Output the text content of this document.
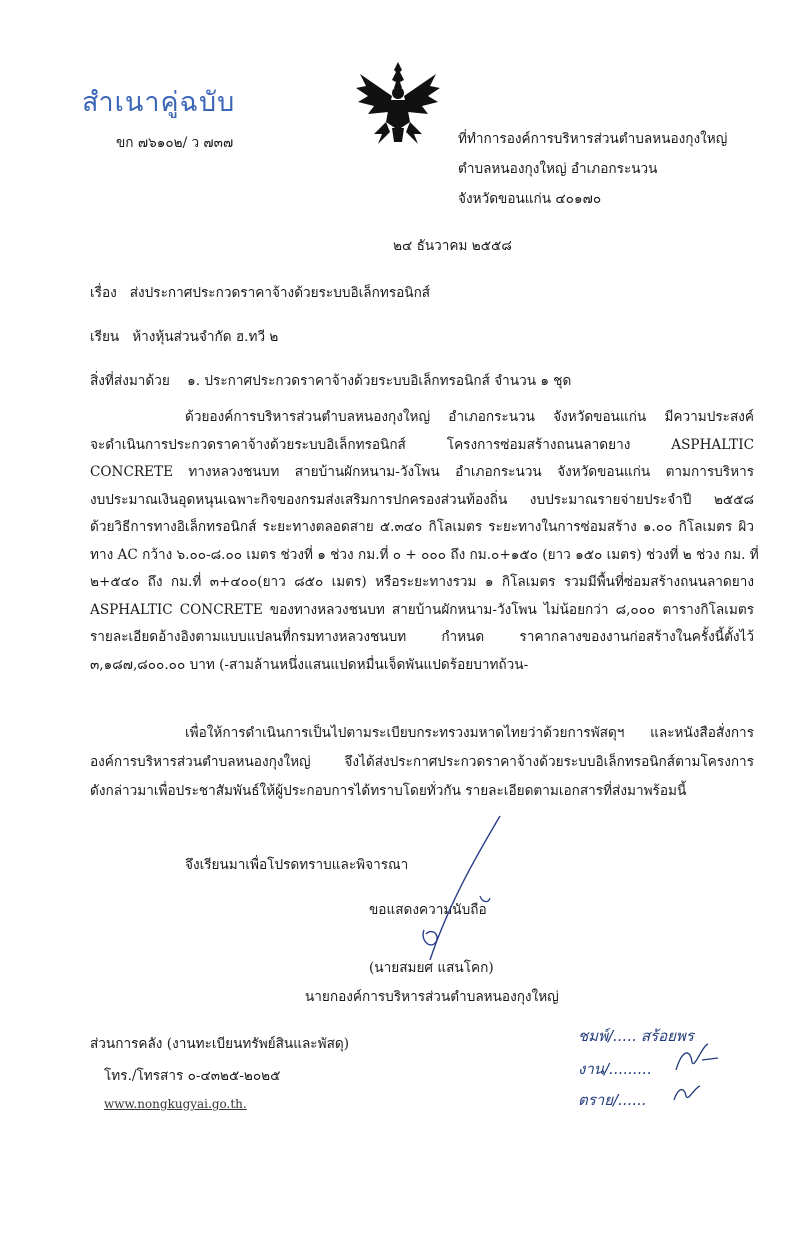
สำเนาคู่ฉบับ
ขก ๗๖๑๐๒/ ว ๗๓๗	ที่ทำการองค์การบริหารส่วนตำบลหนองกุงใหญ่
ตำบลหนองกุงใหญ่ อำเภอกระนวน
จังหวัดขอนแก่น ๔๐๑๗๐
๒๔ ธันวาคม ๒๕๕๘
เรื่อง ส่งประกาศประกวดราคาจ้างด้วยระบบอิเล็กทรอนิกส์
เรียน ห้างหุ้นส่วนจำกัด ฮ.ทวี ๒
สิ่งที่ส่งมาด้วย ๑. ประกาศประกวดราคาจ้างด้วยระบบอิเล็กทรอนิกส์ จำนวน ๑ ชุด
ด้วยองค์การบริหารส่วนตำบลหนองกุงใหญ่ อำเภอกระนวน จังหวัดขอนแก่น มีความประสงค์
จะดำเนินการประกวดราคาจ้างด้วยระบบอิเล็กทรอนิกส์ โครงการซ่อมสร้างถนนลาดยาง ASPHALTIC
CONCRETE ทางหลวงชนบท สายบ้านผักหนาม-วังโพน อำเภอกระนวน จังหวัดขอนแก่น ตามการบริหาร
งบประมาณเงินอุดหนุนเฉพาะกิจของกรมส่งเสริมการปกครองส่วนท้องถิ่น งบประมาณรายจ่ายประจำปี ๒๕๕๘
ด้วยวิธีการทางอิเล็กทรอนิกส์ ระยะทางตลอดสาย ๕.๓๔๐ กิโลเมตร ระยะทางในการซ่อมสร้าง ๑.๐๐ กิโลเมตร ผิว
ทาง AC กว้าง ๖.๐๐-๘.๐๐ เมตร ช่วงที่ ๑ ช่วง กม.ที่ ๐ + ๐๐๐ ถึง กม.๐+๑๕๐ (ยาว ๑๕๐ เมตร) ช่วงที่ ๒ ช่วง กม. ที่
๒+๕๔๐ ถึง กม.ที่ ๓+๔๐๐(ยาว ๘๕๐ เมตร) หรือระยะทางรวม ๑ กิโลเมตร รวมมีพื้นที่ซ่อมสร้างถนนลาดยาง
ASPHALTIC CONCRETE ของทางหลวงชนบท สายบ้านผักหนาม-วังโพน ไม่น้อยกว่า ๘,๐๐๐ ตารางกิโลเมตร
รายละเอียดอ้างอิงตามแบบแปลนที่กรมทางหลวงชนบท กำหนด ราคากลางของงานก่อสร้างในครั้งนี้ตั้งไว้
๓,๑๘๗,๘๐๐.๐๐ บาท (-สามล้านหนึ่งแสนแปดหมื่นเจ็ดพันแปดร้อยบาทถ้วน-
เพื่อให้การดำเนินการเป็นไปตามระเบียบกระทรวงมหาดไทยว่าด้วยการพัสดุฯ และหนังสือสั่งการ
องค์การบริหารส่วนตำบลหนองกุงใหญ่ จึงได้ส่งประกาศประกวดราคาจ้างด้วยระบบอิเล็กทรอนิกส์ตามโครงการ
ดังกล่าวมาเพื่อประชาสัมพันธ์ให้ผู้ประกอบการได้ทราบโดยทั่วกัน รายละเอียดตามเอกสารที่ส่งมาพร้อมนี้
จึงเรียนมาเพื่อโปรดทราบและพิจารณา
ขอแสดงความนับถือ
(นายสมยศ แสนโคก)
นายกองค์การบริหารส่วนตำบลหนองกุงใหญ่
ส่วนการคลัง (งานทะเบียนทรัพย์สินและพัสดุ)
โทร./โทรสาร ๐-๔๓๒๕-๒๐๒๕
www.nongkugyai.go.th.
ชมพ์/..... สร้อยพร
งาน/.........
ตราย/......
